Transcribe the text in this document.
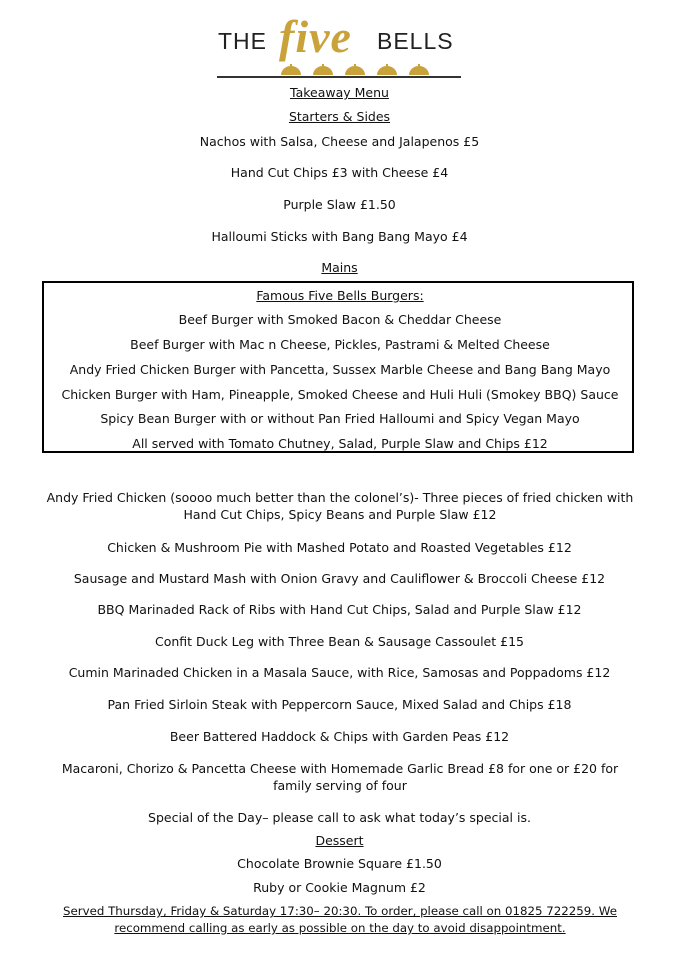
THE five BELLS
Takeaway Menu
Starters & Sides
Nachos with Salsa, Cheese and Jalapenos £5
Hand Cut Chips £3 with Cheese £4
Purple Slaw £1.50
Halloumi Sticks with Bang Bang Mayo £4
Mains
Famous Five Bells Burgers:
Beef Burger with Smoked Bacon & Cheddar Cheese
Beef Burger with Mac n Cheese, Pickles, Pastrami & Melted Cheese
Andy Fried Chicken Burger with Pancetta, Sussex Marble Cheese and Bang Bang Mayo
Chicken Burger with Ham, Pineapple, Smoked Cheese and Huli Huli (Smokey BBQ) Sauce
Spicy Bean Burger with or without Pan Fried Halloumi and Spicy Vegan Mayo
All served with Tomato Chutney, Salad, Purple Slaw and Chips £12
Andy Fried Chicken (soooo much better than the colonel’s)- Three pieces of fried chicken with Hand Cut Chips, Spicy Beans and Purple Slaw £12
Chicken & Mushroom Pie with Mashed Potato and Roasted Vegetables £12
Sausage and Mustard Mash with Onion Gravy and Cauliflower & Broccoli Cheese £12
BBQ Marinaded Rack of Ribs with Hand Cut Chips, Salad and Purple Slaw £12
Confit Duck Leg with Three Bean & Sausage Cassoulet £15
Cumin Marinaded Chicken in a Masala Sauce, with Rice, Samosas and Poppadoms £12
Pan Fried Sirloin Steak with Peppercorn Sauce, Mixed Salad and Chips £18
Beer Battered Haddock & Chips with Garden Peas £12
Macaroni, Chorizo & Pancetta Cheese with Homemade Garlic Bread £8 for one or £20 for family serving of four
Special of the Day– please call to ask what today’s special is.
Dessert
Chocolate Brownie Square £1.50
Ruby or Cookie Magnum £2
Served Thursday, Friday & Saturday 17:30– 20:30. To order, please call on 01825 722259. We recommend calling as early as possible on the day to avoid disappointment.
